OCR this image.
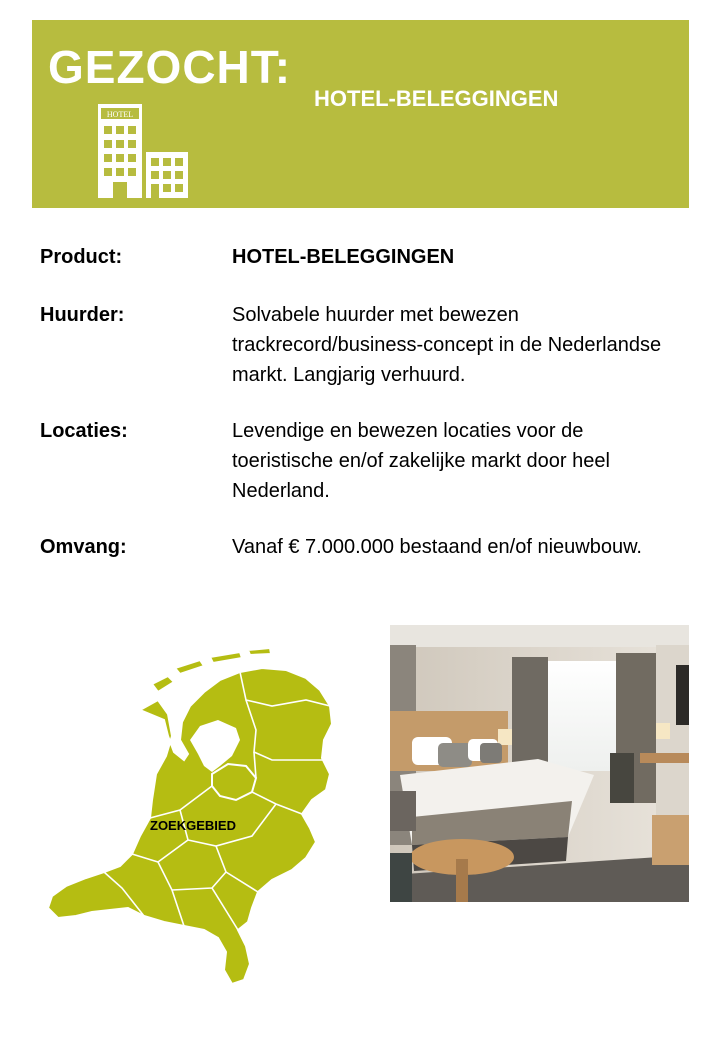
GEZOCHT:
HOTEL-BELEGGINGEN
HOTEL
Product:	HOTEL-BELEGGINGEN
Huurder:	Solvabele huurder met bewezen trackrecord/business-concept in de Nederlandse markt. Langjarig verhuurd.
Locaties:	Levendige en bewezen locaties voor de toeristische en/of zakelijke markt door heel Nederland.
Omvang:	Vanaf € 7.000.000 bestaand en/of nieuwbouw.
ZOEKGEBIED
